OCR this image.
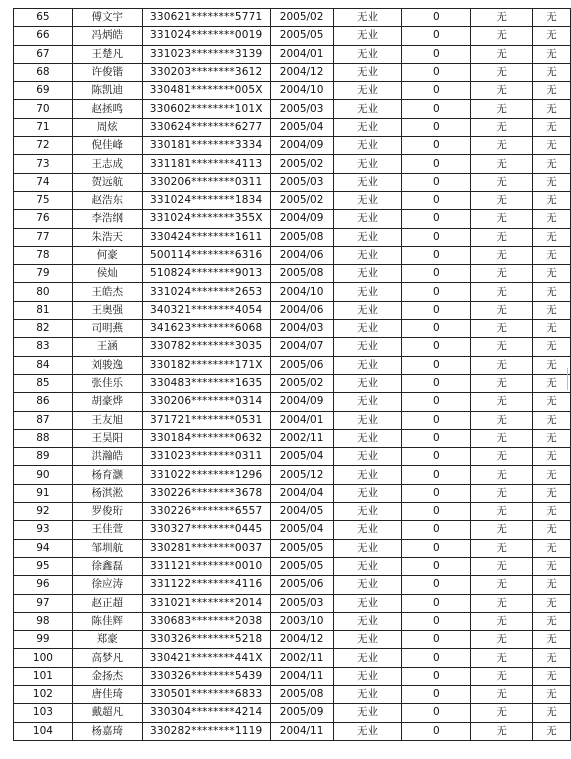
65	傅文宇	330621********5771	2005/02	无业	0	无	无
66	冯炳皓	331024********0019	2005/05	无业	0	无	无
67	王楚凡	331023********3139	2004/01	无业	0	无	无
68	许俊锴	330203********3612	2004/12	无业	0	无	无
69	陈凯迪	330481********005X	2004/10	无业	0	无	无
70	赵拯鸣	330602********101X	2005/03	无业	0	无	无
71	周炫	330624********6277	2005/04	无业	0	无	无
72	倪佳峰	330181********3334	2004/09	无业	0	无	无
73	王志成	331181********4113	2005/02	无业	0	无	无
74	贺远航	330206********0311	2005/03	无业	0	无	无
75	赵浩东	331024********1834	2005/02	无业	0	无	无
76	李浩纲	331024********355X	2004/09	无业	0	无	无
77	朱浩天	330424********1611	2005/08	无业	0	无	无
78	何豪	500114********6316	2004/06	无业	0	无	无
79	侯灿	510824********9013	2005/08	无业	0	无	无
80	王皓杰	331024********2653	2004/10	无业	0	无	无
81	王奥强	340321********4054	2004/06	无业	0	无	无
82	司明燕	341623********6068	2004/03	无业	0	无	无
83	王涵	330782********3035	2004/07	无业	0	无	无
84	刘骏逸	330182********171X	2005/06	无业	0	无	无
85	张佳乐	330483********1635	2005/02	无业	0	无	无
86	胡豪烨	330206********0314	2004/09	无业	0	无	无
87	王友旭	371721********0531	2004/01	无业	0	无	无
88	王昊阳	330184********0632	2002/11	无业	0	无	无
89	洪瀚皓	331023********0311	2005/04	无业	0	无	无
90	杨育灏	331022********1296	2005/12	无业	0	无	无
91	杨淇淞	330226********3678	2004/04	无业	0	无	无
92	罗俊珩	330226********6557	2004/05	无业	0	无	无
93	王佳萱	330327********0445	2005/04	无业	0	无	无
94	邹圳航	330281********0037	2005/05	无业	0	无	无
95	徐鑫磊	331121********0010	2005/05	无业	0	无	无
96	徐应涛	331122********4116	2005/06	无业	0	无	无
97	赵正超	331021********2014	2005/03	无业	0	无	无
98	陈佳辉	330683********2038	2003/10	无业	0	无	无
99	郑豪	330326********5218	2004/12	无业	0	无	无
100	高梦凡	330421********441X	2002/11	无业	0	无	无
101	金扬杰	330326********5439	2004/11	无业	0	无	无
102	唐佳琦	330501********6833	2005/08	无业	0	无	无
103	戴超凡	330304********4214	2005/09	无业	0	无	无
104	杨嘉琦	330282********1119	2004/11	无业	0	无	无
